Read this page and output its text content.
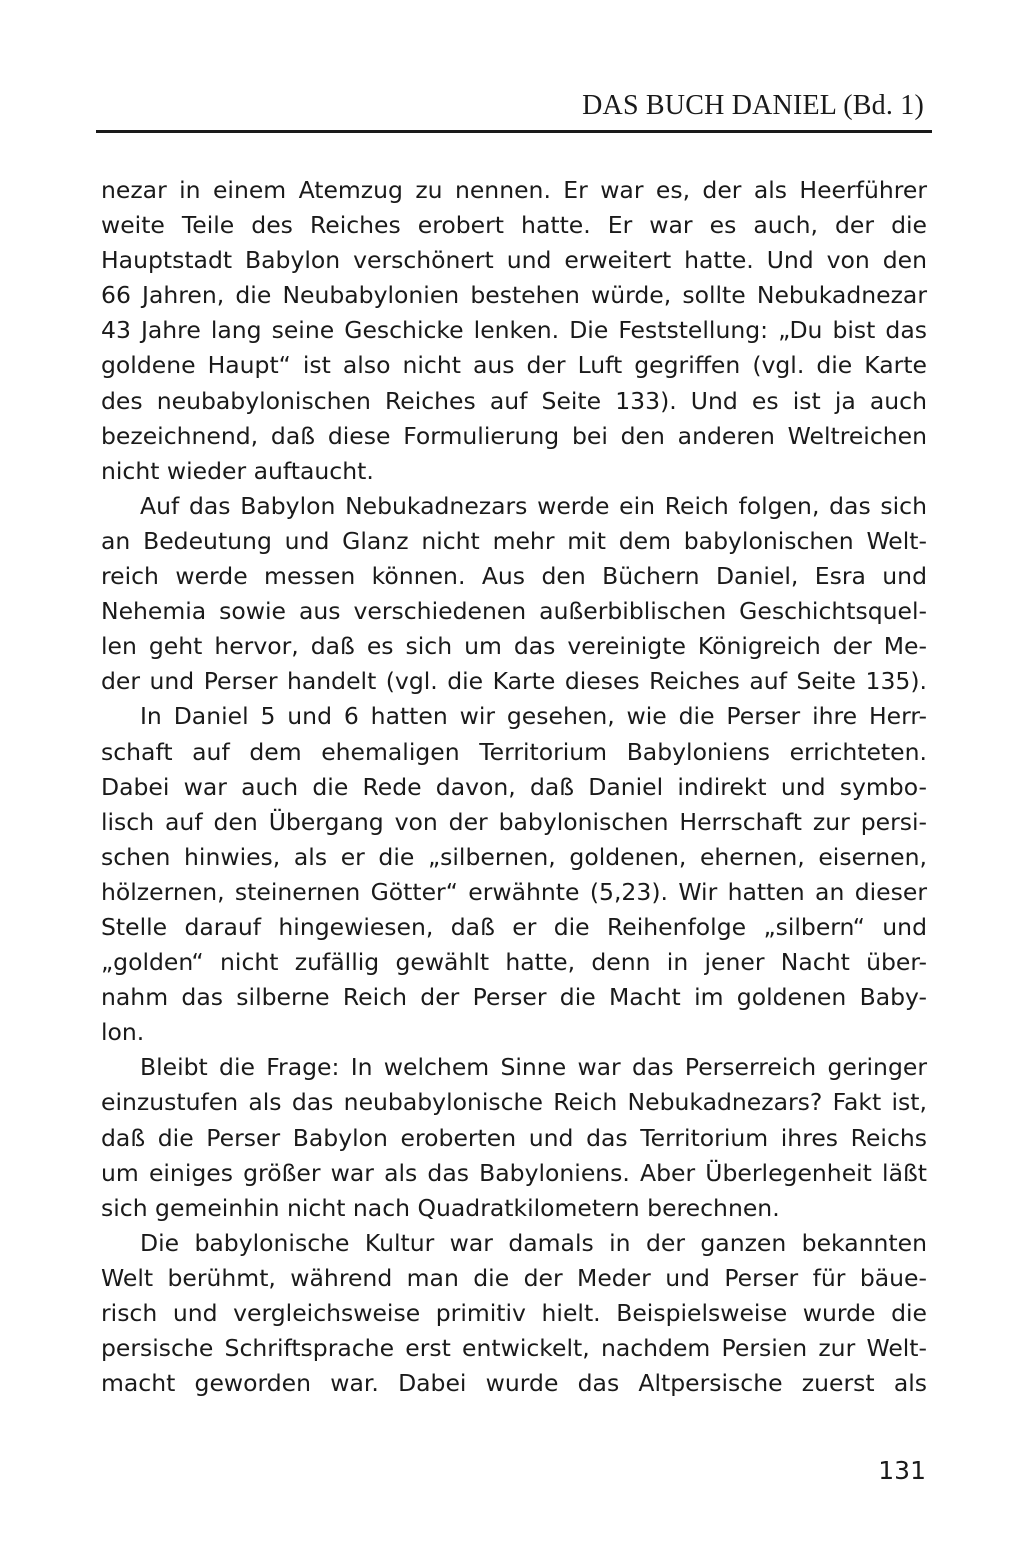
DAS BUCH DANIEL (Bd. 1)
nezar in einem Atemzug zu nennen. Er war es, der als Heerführer
weite Teile des Reiches erobert hatte. Er war es auch, der die
Hauptstadt Babylon verschönert und erweitert hatte. Und von den
66 Jahren, die Neubabylonien bestehen würde, sollte Nebukadnezar
43 Jahre lang seine Geschicke lenken. Die Feststellung: „Du bist das
goldene Haupt“ ist also nicht aus der Luft gegriffen (vgl. die Karte
des neubabylonischen Reiches auf Seite 133). Und es ist ja auch
bezeichnend, daß diese Formulierung bei den anderen Weltreichen
nicht wieder auftaucht.
Auf das Babylon Nebukadnezars werde ein Reich folgen, das sich
an Bedeutung und Glanz nicht mehr mit dem babylonischen Welt-
reich werde messen können. Aus den Büchern Daniel, Esra und
Nehemia sowie aus verschiedenen außerbiblischen Geschichtsquel-
len geht hervor, daß es sich um das vereinigte Königreich der Me-
der und Perser handelt (vgl. die Karte dieses Reiches auf Seite 135).
In Daniel 5 und 6 hatten wir gesehen, wie die Perser ihre Herr-
schaft auf dem ehemaligen Territorium Babyloniens errichteten.
Dabei war auch die Rede davon, daß Daniel indirekt und symbo-
lisch auf den Übergang von der babylonischen Herrschaft zur persi-
schen hinwies, als er die „silbernen, goldenen, ehernen, eisernen,
hölzernen, steinernen Götter“ erwähnte (5,23). Wir hatten an dieser
Stelle darauf hingewiesen, daß er die Reihenfolge „silbern“ und
„golden“ nicht zufällig gewählt hatte, denn in jener Nacht über-
nahm das silberne Reich der Perser die Macht im goldenen Baby-
lon.
Bleibt die Frage: In welchem Sinne war das Perserreich geringer
einzustufen als das neubabylonische Reich Nebukadnezars? Fakt ist,
daß die Perser Babylon eroberten und das Territorium ihres Reichs
um einiges größer war als das Babyloniens. Aber Überlegenheit läßt
sich gemeinhin nicht nach Quadratkilometern berechnen.
Die babylonische Kultur war damals in der ganzen bekannten
Welt berühmt, während man die der Meder und Perser für bäue-
risch und vergleichsweise primitiv hielt. Beispielsweise wurde die
persische Schriftsprache erst entwickelt, nachdem Persien zur Welt-
macht geworden war. Dabei wurde das Altpersische zuerst als
131
